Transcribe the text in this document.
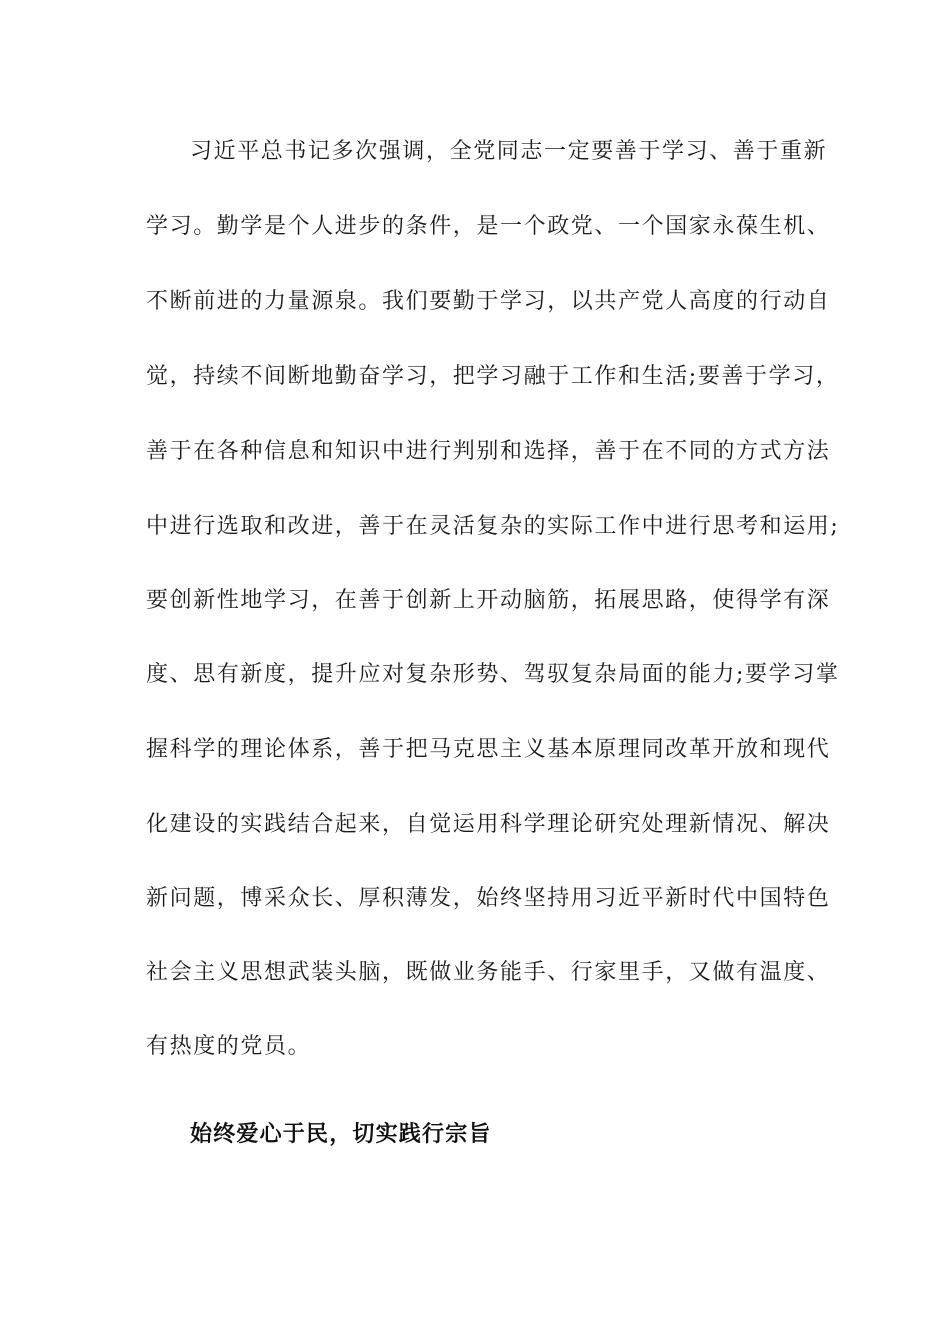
习近平总书记多次强调，全党同志一定要善于学习、善于重新
学习。勤学是个人进步的条件，是一个政党、一个国家永葆生机、
不断前进的力量源泉。我们要勤于学习，以共产党人高度的行动自
觉，持续不间断地勤奋学习，把学习融于工作和生活;要善于学习，
善于在各种信息和知识中进行判别和选择，善于在不同的方式方法
中进行选取和改进，善于在灵活复杂的实际工作中进行思考和运用;
要创新性地学习，在善于创新上开动脑筋，拓展思路，使得学有深
度、思有新度，提升应对复杂形势、驾驭复杂局面的能力;要学习掌
握科学的理论体系，善于把马克思主义基本原理同改革开放和现代
化建设的实践结合起来，自觉运用科学理论研究处理新情况、解决
新问题，博采众长、厚积薄发，始终坚持用习近平新时代中国特色
社会主义思想武装头脑，既做业务能手、行家里手，又做有温度、
有热度的党员。
始终爱心于民，切实践行宗旨
